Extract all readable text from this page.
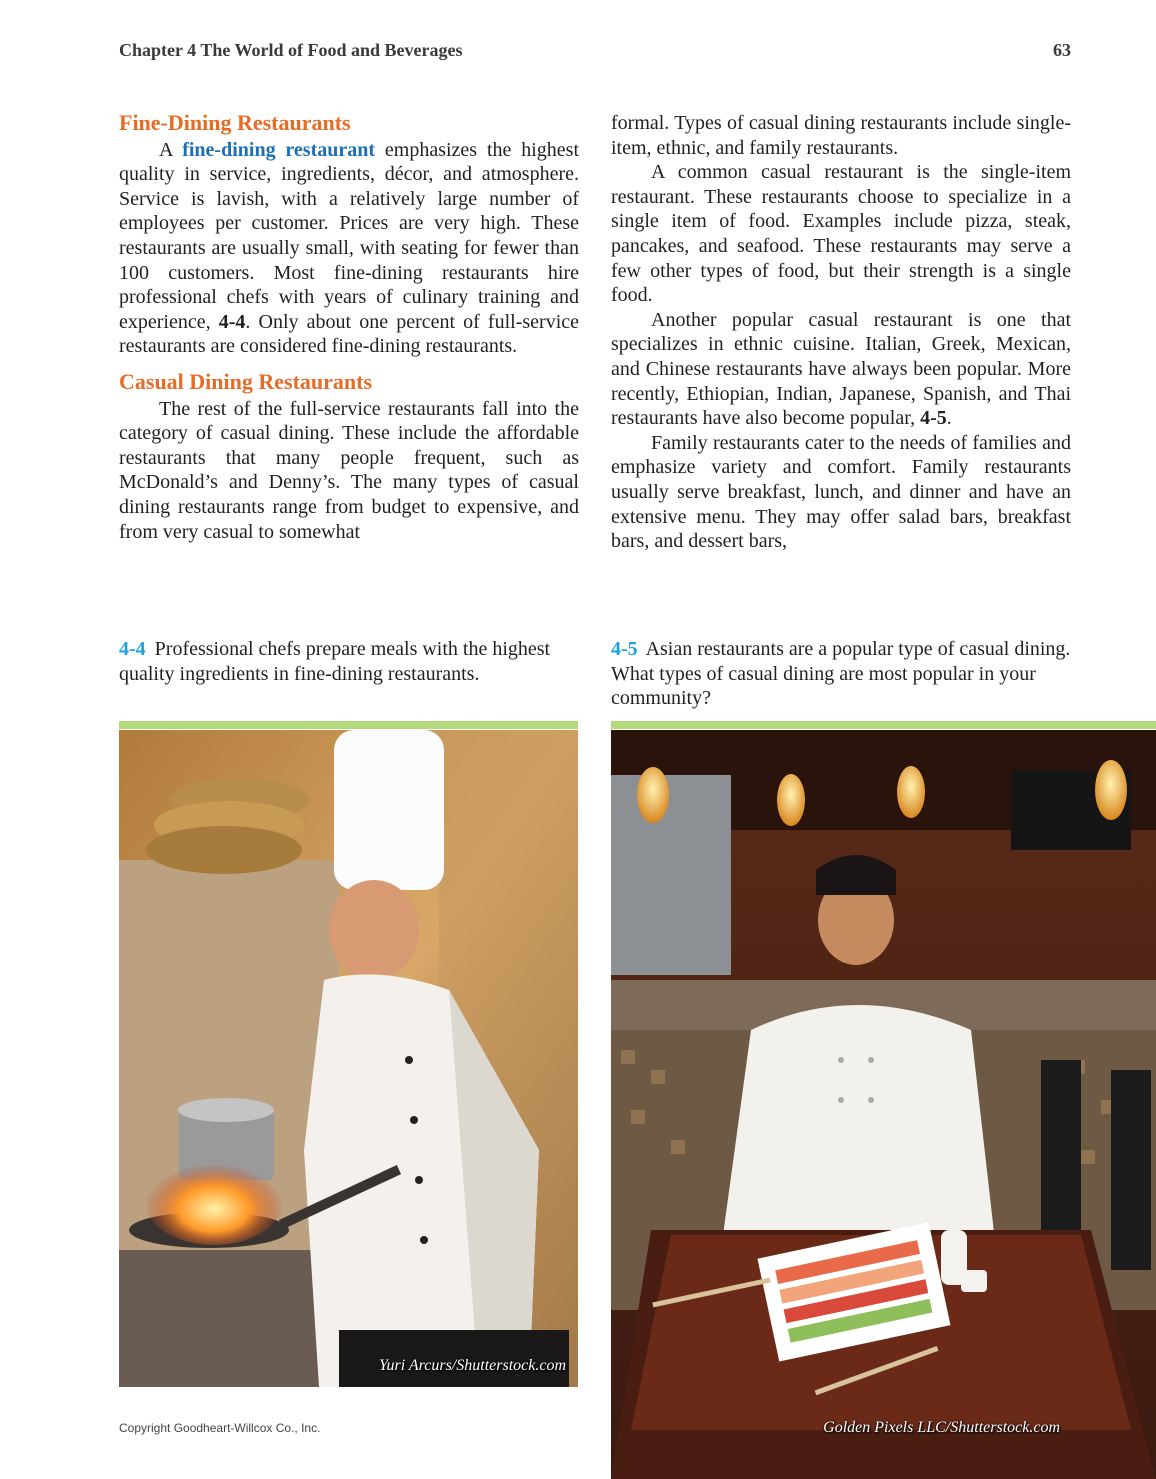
Chapter 4 The World of Food and Beverages	63
Fine-Dining Restaurants

A fine-dining restaurant emphasizes the highest quality in service, ingredients, décor, and atmosphere. Service is lavish, with a relatively large number of employees per customer. Prices are very high. These restaurants are usually small, with seating for fewer than 100 customers. Most fine-dining restaurants hire professional chefs with years of culinary training and experience, 4-4. Only about one percent of full-service restaurants are considered fine-dining restaurants.

Casual Dining Restaurants

The rest of the full-service restaurants fall into the category of casual dining. These include the affordable restaurants that many people frequent, such as McDonald’s and Denny’s. The many types of casual dining restaurants range from budget to expensive, and from very casual to somewhat

formal. Types of casual dining restaurants include single-item, ethnic, and family restaurants.

A common casual restaurant is the single-item restaurant. These restaurants choose to specialize in a single item of food. Examples include pizza, steak, pancakes, and seafood. These restaurants may serve a few other types of food, but their strength is a single food.

Another popular casual restaurant is one that specializes in ethnic cuisine. Italian, Greek, Mexican, and Chinese restaurants have always been popular. More recently, Ethiopian, Indian, Japanese, Spanish, and Thai restaurants have also become popular, 4-5.

Family restaurants cater to the needs of families and emphasize variety and comfort. Family restaurants usually serve breakfast, lunch, and dinner and have an extensive menu. They may offer salad bars, breakfast bars, and dessert bars,

4-4 Professional chefs prepare meals with the highest quality ingredients in fine-dining restaurants.
4-5 Asian restaurants are a popular type of casual dining. What types of casual dining are most popular in your community?
Yuri Arcurs/Shutterstock.com
Golden Pixels LLC/Shutterstock.com
Copyright Goodheart-Willcox Co., Inc.
